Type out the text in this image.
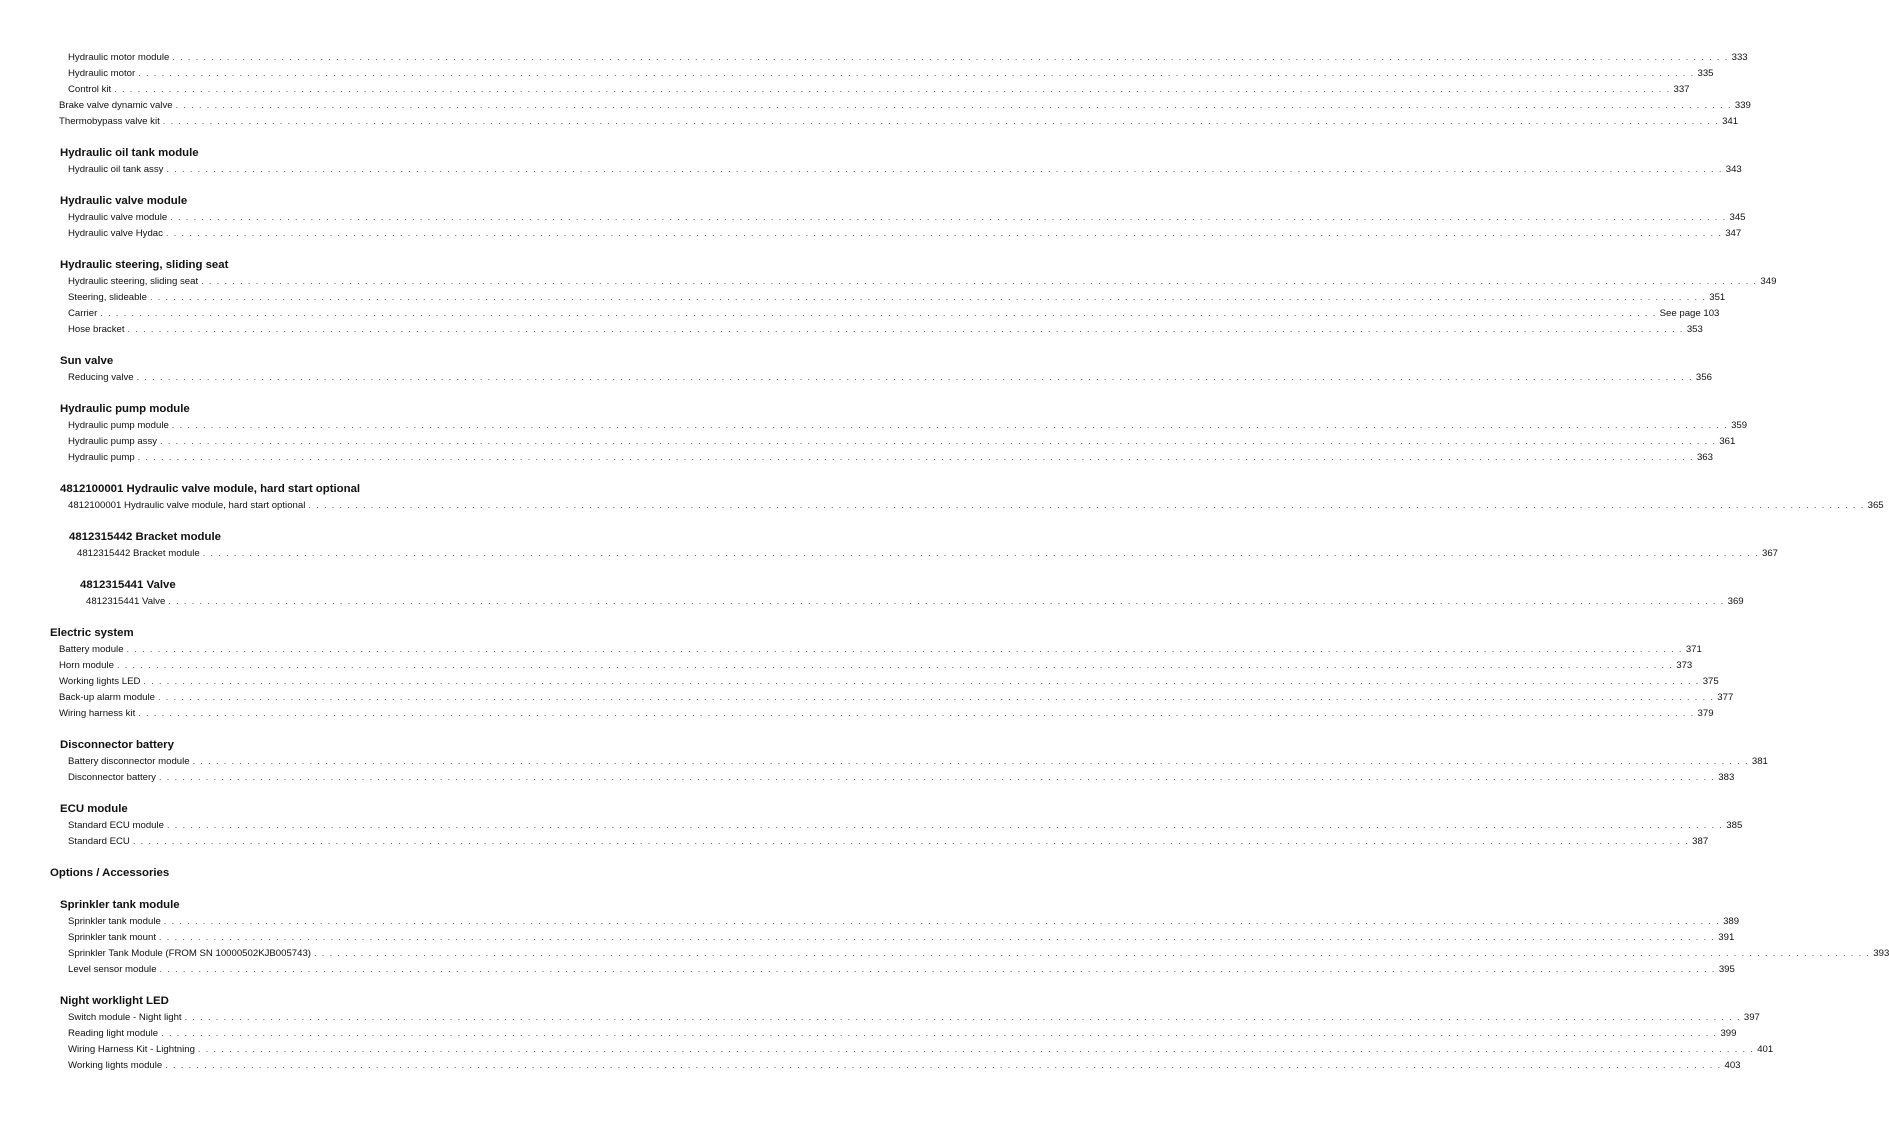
Hydraulic motor module . . . . . . . . . . . . . . . . . . . . . . . . . . . . . . . . . . . . . . . . . . . . . . . . . . . . . . . . . . . . . . . . . . . . . . . . . . . . . . . . . . . . . . . . . . . . . . . . . . . . . . . . . . . . . . . . . . . . . . . . . . . . . . . . . . . . . . . . . . . . . . . . . . . . . . . . . . . . . . . . . . . . . . . . . . . . . . . . . . . . . . . . . . . . . . . . . . . . . . . . 333
Hydraulic motor . . . . . . . . . . . . . . . . . . . . . . . . . . . . . . . . . . . . . . . . . . . . . . . . . . . . . . . . . . . . . . . . . . . . . . . . . . . . . . . . . . . . . . . . . . . . . . . . . . . . . . . . . . . . . . . . . . . . . . . . . . . . . . . . . . . . . . . . . . . . . . . . . . . . . . . . . . . . . . . . . . . . . . . . . . . . . . . . . . . . . . . . . . . . . . . . . . . . . . . . 335
Control kit . . . . . . . . . . . . . . . . . . . . . . . . . . . . . . . . . . . . . . . . . . . . . . . . . . . . . . . . . . . . . . . . . . . . . . . . . . . . . . . . . . . . . . . . . . . . . . . . . . . . . . . . . . . . . . . . . . . . . . . . . . . . . . . . . . . . . . . . . . . . . . . . . . . . . . . . . . . . . . . . . . . . . . . . . . . . . . . . . . . . . . . . . . . . . . . . . . . . . . . . 337
Brake valve dynamic valve . . . . . . . . . . . . . . . . . . . . . . . . . . . . . . . . . . . . . . . . . . . . . . . . . . . . . . . . . . . . . . . . . . . . . . . . . . . . . . . . . . . . . . . . . . . . . . . . . . . . . . . . . . . . . . . . . . . . . . . . . . . . . . . . . . . . . . . . . . . . . . . . . . . . . . . . . . . . . . . . . . . . . . . . . . . . . . . . . . . . . . . . . . . . . . . . . . . . . . . . 339
Thermobypass valve kit . . . . . . . . . . . . . . . . . . . . . . . . . . . . . . . . . . . . . . . . . . . . . . . . . . . . . . . . . . . . . . . . . . . . . . . . . . . . . . . . . . . . . . . . . . . . . . . . . . . . . . . . . . . . . . . . . . . . . . . . . . . . . . . . . . . . . . . . . . . . . . . . . . . . . . . . . . . . . . . . . . . . . . . . . . . . . . . . . . . . . . . . . . . . . . . . . . . . . . . . 341
Hydraulic oil tank module
Hydraulic oil tank assy . . . . . . . . . . . . . . . . . . . . . . . . . . . . . . . . . . . . . . . . . . . . . . . . . . . . . . . . . . . . . . . . . . . . . . . . . . . . . . . . . . . . . . . . . . . . . . . . . . . . . . . . . . . . . . . . . . . . . . . . . . . . . . . . . . . . . . . . . . . . . . . . . . . . . . . . . . . . . . . . . . . . . . . . . . . . . . . . . . . . . . . . . . . . . . . . . . . . . . . . 343
Hydraulic valve module
Hydraulic valve module . . . . . . . . . . . . . . . . . . . . . . . . . . . . . . . . . . . . . . . . . . . . . . . . . . . . . . . . . . . . . . . . . . . . . . . . . . . . . . . . . . . . . . . . . . . . . . . . . . . . . . . . . . . . . . . . . . . . . . . . . . . . . . . . . . . . . . . . . . . . . . . . . . . . . . . . . . . . . . . . . . . . . . . . . . . . . . . . . . . . . . . . . . . . . . . . . . . . . . . . 345
Hydraulic valve Hydac . . . . . . . . . . . . . . . . . . . . . . . . . . . . . . . . . . . . . . . . . . . . . . . . . . . . . . . . . . . . . . . . . . . . . . . . . . . . . . . . . . . . . . . . . . . . . . . . . . . . . . . . . . . . . . . . . . . . . . . . . . . . . . . . . . . . . . . . . . . . . . . . . . . . . . . . . . . . . . . . . . . . . . . . . . . . . . . . . . . . . . . . . . . . . . . . . . . . . . . . 347
Hydraulic steering, sliding seat
Hydraulic steering, sliding seat . . . . . . . . . . . . . . . . . . . . . . . . . . . . . . . . . . . . . . . . . . . . . . . . . . . . . . . . . . . . . . . . . . . . . . . . . . . . . . . . . . . . . . . . . . . . . . . . . . . . . . . . . . . . . . . . . . . . . . . . . . . . . . . . . . . . . . . . . . . . . . . . . . . . . . . . . . . . . . . . . . . . . . . . . . . . . . . . . . . . . . . . . . . . . . . . . . . . . . . . 349
Steering, slideable . . . . . . . . . . . . . . . . . . . . . . . . . . . . . . . . . . . . . . . . . . . . . . . . . . . . . . . . . . . . . . . . . . . . . . . . . . . . . . . . . . . . . . . . . . . . . . . . . . . . . . . . . . . . . . . . . . . . . . . . . . . . . . . . . . . . . . . . . . . . . . . . . . . . . . . . . . . . . . . . . . . . . . . . . . . . . . . . . . . . . . . . . . . . . . . . . . . . . . . . 351
Carrier . . . . . . . . . . . . . . . . . . . . . . . . . . . . . . . . . . . . . . . . . . . . . . . . . . . . . . . . . . . . . . . . . . . . . . . . . . . . . . . . . . . . . . . . . . . . . . . . . . . . . . . . . . . . . . . . . . . . . . . . . . . . . . . . . . . . . . . . . . . . . . . . . . . . . . . . . . . . . . . . . . . . . . . . . . . . . . . . . . . . . . . . . . . . . . . . . . . . . . . . See page 103
Hose bracket . . . . . . . . . . . . . . . . . . . . . . . . . . . . . . . . . . . . . . . . . . . . . . . . . . . . . . . . . . . . . . . . . . . . . . . . . . . . . . . . . . . . . . . . . . . . . . . . . . . . . . . . . . . . . . . . . . . . . . . . . . . . . . . . . . . . . . . . . . . . . . . . . . . . . . . . . . . . . . . . . . . . . . . . . . . . . . . . . . . . . . . . . . . . . . . . . . . . . . . . 353
Sun valve
Reducing valve . . . . . . . . . . . . . . . . . . . . . . . . . . . . . . . . . . . . . . . . . . . . . . . . . . . . . . . . . . . . . . . . . . . . . . . . . . . . . . . . . . . . . . . . . . . . . . . . . . . . . . . . . . . . . . . . . . . . . . . . . . . . . . . . . . . . . . . . . . . . . . . . . . . . . . . . . . . . . . . . . . . . . . . . . . . . . . . . . . . . . . . . . . . . . . . . . . . . . . . . 356
Hydraulic pump module
Hydraulic pump module . . . . . . . . . . . . . . . . . . . . . . . . . . . . . . . . . . . . . . . . . . . . . . . . . . . . . . . . . . . . . . . . . . . . . . . . . . . . . . . . . . . . . . . . . . . . . . . . . . . . . . . . . . . . . . . . . . . . . . . . . . . . . . . . . . . . . . . . . . . . . . . . . . . . . . . . . . . . . . . . . . . . . . . . . . . . . . . . . . . . . . . . . . . . . . . . . . . . . . . . 359
Hydraulic pump assy . . . . . . . . . . . . . . . . . . . . . . . . . . . . . . . . . . . . . . . . . . . . . . . . . . . . . . . . . . . . . . . . . . . . . . . . . . . . . . . . . . . . . . . . . . . . . . . . . . . . . . . . . . . . . . . . . . . . . . . . . . . . . . . . . . . . . . . . . . . . . . . . . . . . . . . . . . . . . . . . . . . . . . . . . . . . . . . . . . . . . . . . . . . . . . . . . . . . . . . . 361
Hydraulic pump . . . . . . . . . . . . . . . . . . . . . . . . . . . . . . . . . . . . . . . . . . . . . . . . . . . . . . . . . . . . . . . . . . . . . . . . . . . . . . . . . . . . . . . . . . . . . . . . . . . . . . . . . . . . . . . . . . . . . . . . . . . . . . . . . . . . . . . . . . . . . . . . . . . . . . . . . . . . . . . . . . . . . . . . . . . . . . . . . . . . . . . . . . . . . . . . . . . . . . . . 363
4812100001 Hydraulic valve module, hard start optional
4812100001 Hydraulic valve module, hard start optional . . . . . . . . . . . . . . . . . . . . . . . . . . . . . . . . . . . . . . . . . . . . . . . . . . . . . . . . . . . . . . . . . . . . . . . . . . . . . . . . . . . . . . . . . . . . . . . . . . . . . . . . . . . . . . . . . . . . . . . . . . . . . . . . . . . . . . . . . . . . . . . . . . . . . . . . . . . . . . . . . . . . . . . . . . . . . . . . . . . . . . . . . . . . . . . . . . . . . . . . 365
4812315442 Bracket module
4812315442 Bracket module . . . . . . . . . . . . . . . . . . . . . . . . . . . . . . . . . . . . . . . . . . . . . . . . . . . . . . . . . . . . . . . . . . . . . . . . . . . . . . . . . . . . . . . . . . . . . . . . . . . . . . . . . . . . . . . . . . . . . . . . . . . . . . . . . . . . . . . . . . . . . . . . . . . . . . . . . . . . . . . . . . . . . . . . . . . . . . . . . . . . . . . . . . . . . . . . . . . . . . . . 367
4812315441 Valve
4812315441 Valve . . . . . . . . . . . . . . . . . . . . . . . . . . . . . . . . . . . . . . . . . . . . . . . . . . . . . . . . . . . . . . . . . . . . . . . . . . . . . . . . . . . . . . . . . . . . . . . . . . . . . . . . . . . . . . . . . . . . . . . . . . . . . . . . . . . . . . . . . . . . . . . . . . . . . . . . . . . . . . . . . . . . . . . . . . . . . . . . . . . . . . . . . . . . . . . . . . . . . . . . 369
Electric system
Battery module . . . . . . . . . . . . . . . . . . . . . . . . . . . . . . . . . . . . . . . . . . . . . . . . . . . . . . . . . . . . . . . . . . . . . . . . . . . . . . . . . . . . . . . . . . . . . . . . . . . . . . . . . . . . . . . . . . . . . . . . . . . . . . . . . . . . . . . . . . . . . . . . . . . . . . . . . . . . . . . . . . . . . . . . . . . . . . . . . . . . . . . . . . . . . . . . . . . . . . . . 371
Horn module . . . . . . . . . . . . . . . . . . . . . . . . . . . . . . . . . . . . . . . . . . . . . . . . . . . . . . . . . . . . . . . . . . . . . . . . . . . . . . . . . . . . . . . . . . . . . . . . . . . . . . . . . . . . . . . . . . . . . . . . . . . . . . . . . . . . . . . . . . . . . . . . . . . . . . . . . . . . . . . . . . . . . . . . . . . . . . . . . . . . . . . . . . . . . . . . . . . . . . . . 373
Working lights LED . . . . . . . . . . . . . . . . . . . . . . . . . . . . . . . . . . . . . . . . . . . . . . . . . . . . . . . . . . . . . . . . . . . . . . . . . . . . . . . . . . . . . . . . . . . . . . . . . . . . . . . . . . . . . . . . . . . . . . . . . . . . . . . . . . . . . . . . . . . . . . . . . . . . . . . . . . . . . . . . . . . . . . . . . . . . . . . . . . . . . . . . . . . . . . . . . . . . . . . . 375
Back-up alarm module . . . . . . . . . . . . . . . . . . . . . . . . . . . . . . . . . . . . . . . . . . . . . . . . . . . . . . . . . . . . . . . . . . . . . . . . . . . . . . . . . . . . . . . . . . . . . . . . . . . . . . . . . . . . . . . . . . . . . . . . . . . . . . . . . . . . . . . . . . . . . . . . . . . . . . . . . . . . . . . . . . . . . . . . . . . . . . . . . . . . . . . . . . . . . . . . . . . . . . . . 377
Wiring harness kit . . . . . . . . . . . . . . . . . . . . . . . . . . . . . . . . . . . . . . . . . . . . . . . . . . . . . . . . . . . . . . . . . . . . . . . . . . . . . . . . . . . . . . . . . . . . . . . . . . . . . . . . . . . . . . . . . . . . . . . . . . . . . . . . . . . . . . . . . . . . . . . . . . . . . . . . . . . . . . . . . . . . . . . . . . . . . . . . . . . . . . . . . . . . . . . . . . . . . . . . 379
Disconnector battery
Battery disconnector module . . . . . . . . . . . . . . . . . . . . . . . . . . . . . . . . . . . . . . . . . . . . . . . . . . . . . . . . . . . . . . . . . . . . . . . . . . . . . . . . . . . . . . . . . . . . . . . . . . . . . . . . . . . . . . . . . . . . . . . . . . . . . . . . . . . . . . . . . . . . . . . . . . . . . . . . . . . . . . . . . . . . . . . . . . . . . . . . . . . . . . . . . . . . . . . . . . . . . . . . 381
Disconnector battery . . . . . . . . . . . . . . . . . . . . . . . . . . . . . . . . . . . . . . . . . . . . . . . . . . . . . . . . . . . . . . . . . . . . . . . . . . . . . . . . . . . . . . . . . . . . . . . . . . . . . . . . . . . . . . . . . . . . . . . . . . . . . . . . . . . . . . . . . . . . . . . . . . . . . . . . . . . . . . . . . . . . . . . . . . . . . . . . . . . . . . . . . . . . . . . . . . . . . . . . 383
ECU module
Standard ECU module . . . . . . . . . . . . . . . . . . . . . . . . . . . . . . . . . . . . . . . . . . . . . . . . . . . . . . . . . . . . . . . . . . . . . . . . . . . . . . . . . . . . . . . . . . . . . . . . . . . . . . . . . . . . . . . . . . . . . . . . . . . . . . . . . . . . . . . . . . . . . . . . . . . . . . . . . . . . . . . . . . . . . . . . . . . . . . . . . . . . . . . . . . . . . . . . . . . . . . . . 385
Standard ECU . . . . . . . . . . . . . . . . . . . . . . . . . . . . . . . . . . . . . . . . . . . . . . . . . . . . . . . . . . . . . . . . . . . . . . . . . . . . . . . . . . . . . . . . . . . . . . . . . . . . . . . . . . . . . . . . . . . . . . . . . . . . . . . . . . . . . . . . . . . . . . . . . . . . . . . . . . . . . . . . . . . . . . . . . . . . . . . . . . . . . . . . . . . . . . . . . . . . . . . . 387
Options / Accessories
Sprinkler tank module
Sprinkler tank module . . . . . . . . . . . . . . . . . . . . . . . . . . . . . . . . . . . . . . . . . . . . . . . . . . . . . . . . . . . . . . . . . . . . . . . . . . . . . . . . . . . . . . . . . . . . . . . . . . . . . . . . . . . . . . . . . . . . . . . . . . . . . . . . . . . . . . . . . . . . . . . . . . . . . . . . . . . . . . . . . . . . . . . . . . . . . . . . . . . . . . . . . . . . . . . . . . . . . . . . 389
Sprinkler tank mount . . . . . . . . . . . . . . . . . . . . . . . . . . . . . . . . . . . . . . . . . . . . . . . . . . . . . . . . . . . . . . . . . . . . . . . . . . . . . . . . . . . . . . . . . . . . . . . . . . . . . . . . . . . . . . . . . . . . . . . . . . . . . . . . . . . . . . . . . . . . . . . . . . . . . . . . . . . . . . . . . . . . . . . . . . . . . . . . . . . . . . . . . . . . . . . . . . . . . . . . 391
Sprinkler Tank Module (FROM SN 10000502KJB005743) . . . . . . . . . . . . . . . . . . . . . . . . . . . . . . . . . . . . . . . . . . . . . . . . . . . . . . . . . . . . . . . . . . . . . . . . . . . . . . . . . . . . . . . . . . . . . . . . . . . . . . . . . . . . . . . . . . . . . . . . . . . . . . . . . . . . . . . . . . . . . . . . . . . . . . . . . . . . . . . . . . . . . . . . . . . . . . . . . . . . . . . . . . . . . . . . . . . . . . . . 393
Level sensor module . . . . . . . . . . . . . . . . . . . . . . . . . . . . . . . . . . . . . . . . . . . . . . . . . . . . . . . . . . . . . . . . . . . . . . . . . . . . . . . . . . . . . . . . . . . . . . . . . . . . . . . . . . . . . . . . . . . . . . . . . . . . . . . . . . . . . . . . . . . . . . . . . . . . . . . . . . . . . . . . . . . . . . . . . . . . . . . . . . . . . . . . . . . . . . . . . . . . . . . . 395
Night worklight LED
Switch module - Night light . . . . . . . . . . . . . . . . . . . . . . . . . . . . . . . . . . . . . . . . . . . . . . . . . . . . . . . . . . . . . . . . . . . . . . . . . . . . . . . . . . . . . . . . . . . . . . . . . . . . . . . . . . . . . . . . . . . . . . . . . . . . . . . . . . . . . . . . . . . . . . . . . . . . . . . . . . . . . . . . . . . . . . . . . . . . . . . . . . . . . . . . . . . . . . . . . . . . . . . . 397
Reading light module . . . . . . . . . . . . . . . . . . . . . . . . . . . . . . . . . . . . . . . . . . . . . . . . . . . . . . . . . . . . . . . . . . . . . . . . . . . . . . . . . . . . . . . . . . . . . . . . . . . . . . . . . . . . . . . . . . . . . . . . . . . . . . . . . . . . . . . . . . . . . . . . . . . . . . . . . . . . . . . . . . . . . . . . . . . . . . . . . . . . . . . . . . . . . . . . . . . . . . . . 399
Wiring Harness Kit - Lightning . . . . . . . . . . . . . . . . . . . . . . . . . . . . . . . . . . . . . . . . . . . . . . . . . . . . . . . . . . . . . . . . . . . . . . . . . . . . . . . . . . . . . . . . . . . . . . . . . . . . . . . . . . . . . . . . . . . . . . . . . . . . . . . . . . . . . . . . . . . . . . . . . . . . . . . . . . . . . . . . . . . . . . . . . . . . . . . . . . . . . . . . . . . . . . . . . . . . . . . . 401
Working lights module . . . . . . . . . . . . . . . . . . . . . . . . . . . . . . . . . . . . . . . . . . . . . . . . . . . . . . . . . . . . . . . . . . . . . . . . . . . . . . . . . . . . . . . . . . . . . . . . . . . . . . . . . . . . . . . . . . . . . . . . . . . . . . . . . . . . . . . . . . . . . . . . . . . . . . . . . . . . . . . . . . . . . . . . . . . . . . . . . . . . . . . . . . . . . . . . . . . . . . . . 403
